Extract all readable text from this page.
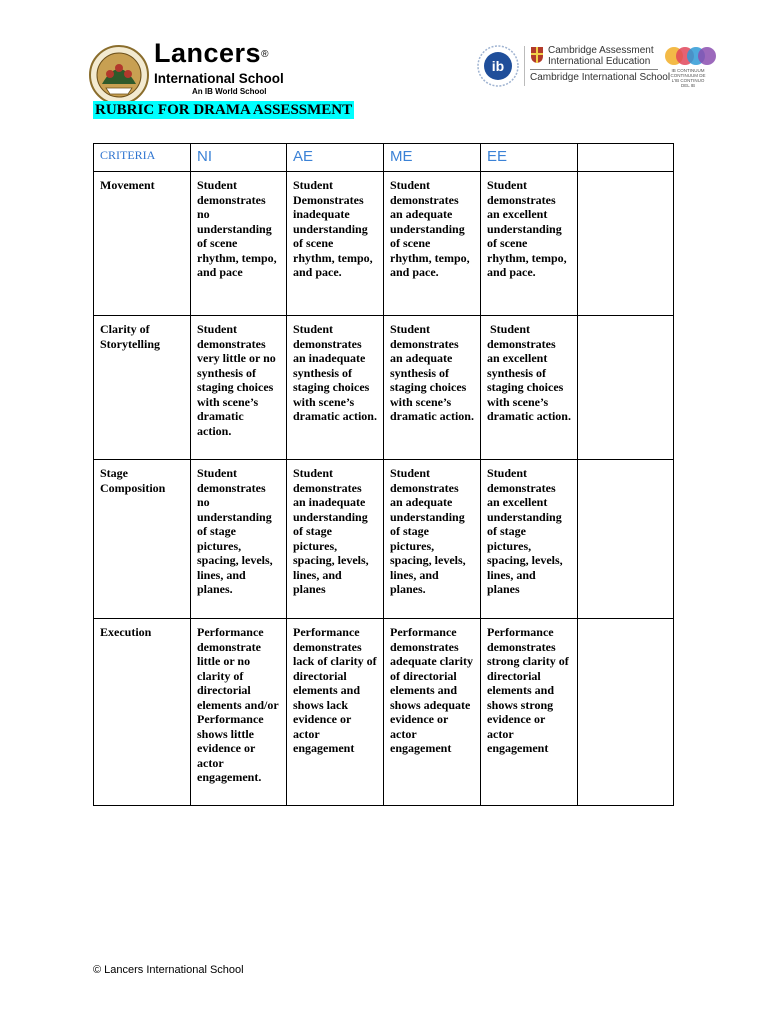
Lancers®
International School
An IB World School
ib
Cambridge Assessment
International Education
Cambridge International School
IB CONTINUUM CONTINUUM DE L'IB CONTINUO DEL IB
RUBRIC FOR DRAMA ASSESSMENT
CRITERIA	NI	AE	ME	EE	
Movement	Student demonstrates no understanding of scene rhythm, tempo, and pace	Student Demonstrates inadequate understanding of scene rhythm, tempo, and pace.	Student demonstrates an adequate understanding of scene rhythm, tempo, and pace.	Student demonstrates an excellent understanding of scene rhythm, tempo, and pace.	
Clarity of Storytelling	Student demonstrates very little or no synthesis of staging choices with scene’s dramatic action.	Student demonstrates an inadequate synthesis of staging choices with scene’s dramatic action.	Student demonstrates an adequate synthesis of staging choices with scene’s dramatic action.	Student demonstrates an excellent synthesis of staging choices with scene’s dramatic action.	
Stage Composition	Student demonstrates no understanding of stage pictures, spacing, levels, lines, and planes.	Student demonstrates an inadequate understanding of stage pictures, spacing, levels, lines, and planes	Student demonstrates an adequate understanding of stage pictures, spacing, levels, lines, and planes.	Student demonstrates an excellent understanding of stage pictures, spacing, levels, lines, and planes	
Execution	Performance demonstrate little or no clarity of directorial elements and/or Performance shows little evidence or actor engagement.	Performance demonstrates lack of clarity of directorial elements and shows lack evidence or actor engagement	Performance demonstrates adequate clarity of directorial elements and shows adequate evidence or actor engagement	Performance demonstrates strong clarity of directorial elements and shows strong evidence or actor engagement	
© Lancers International School
